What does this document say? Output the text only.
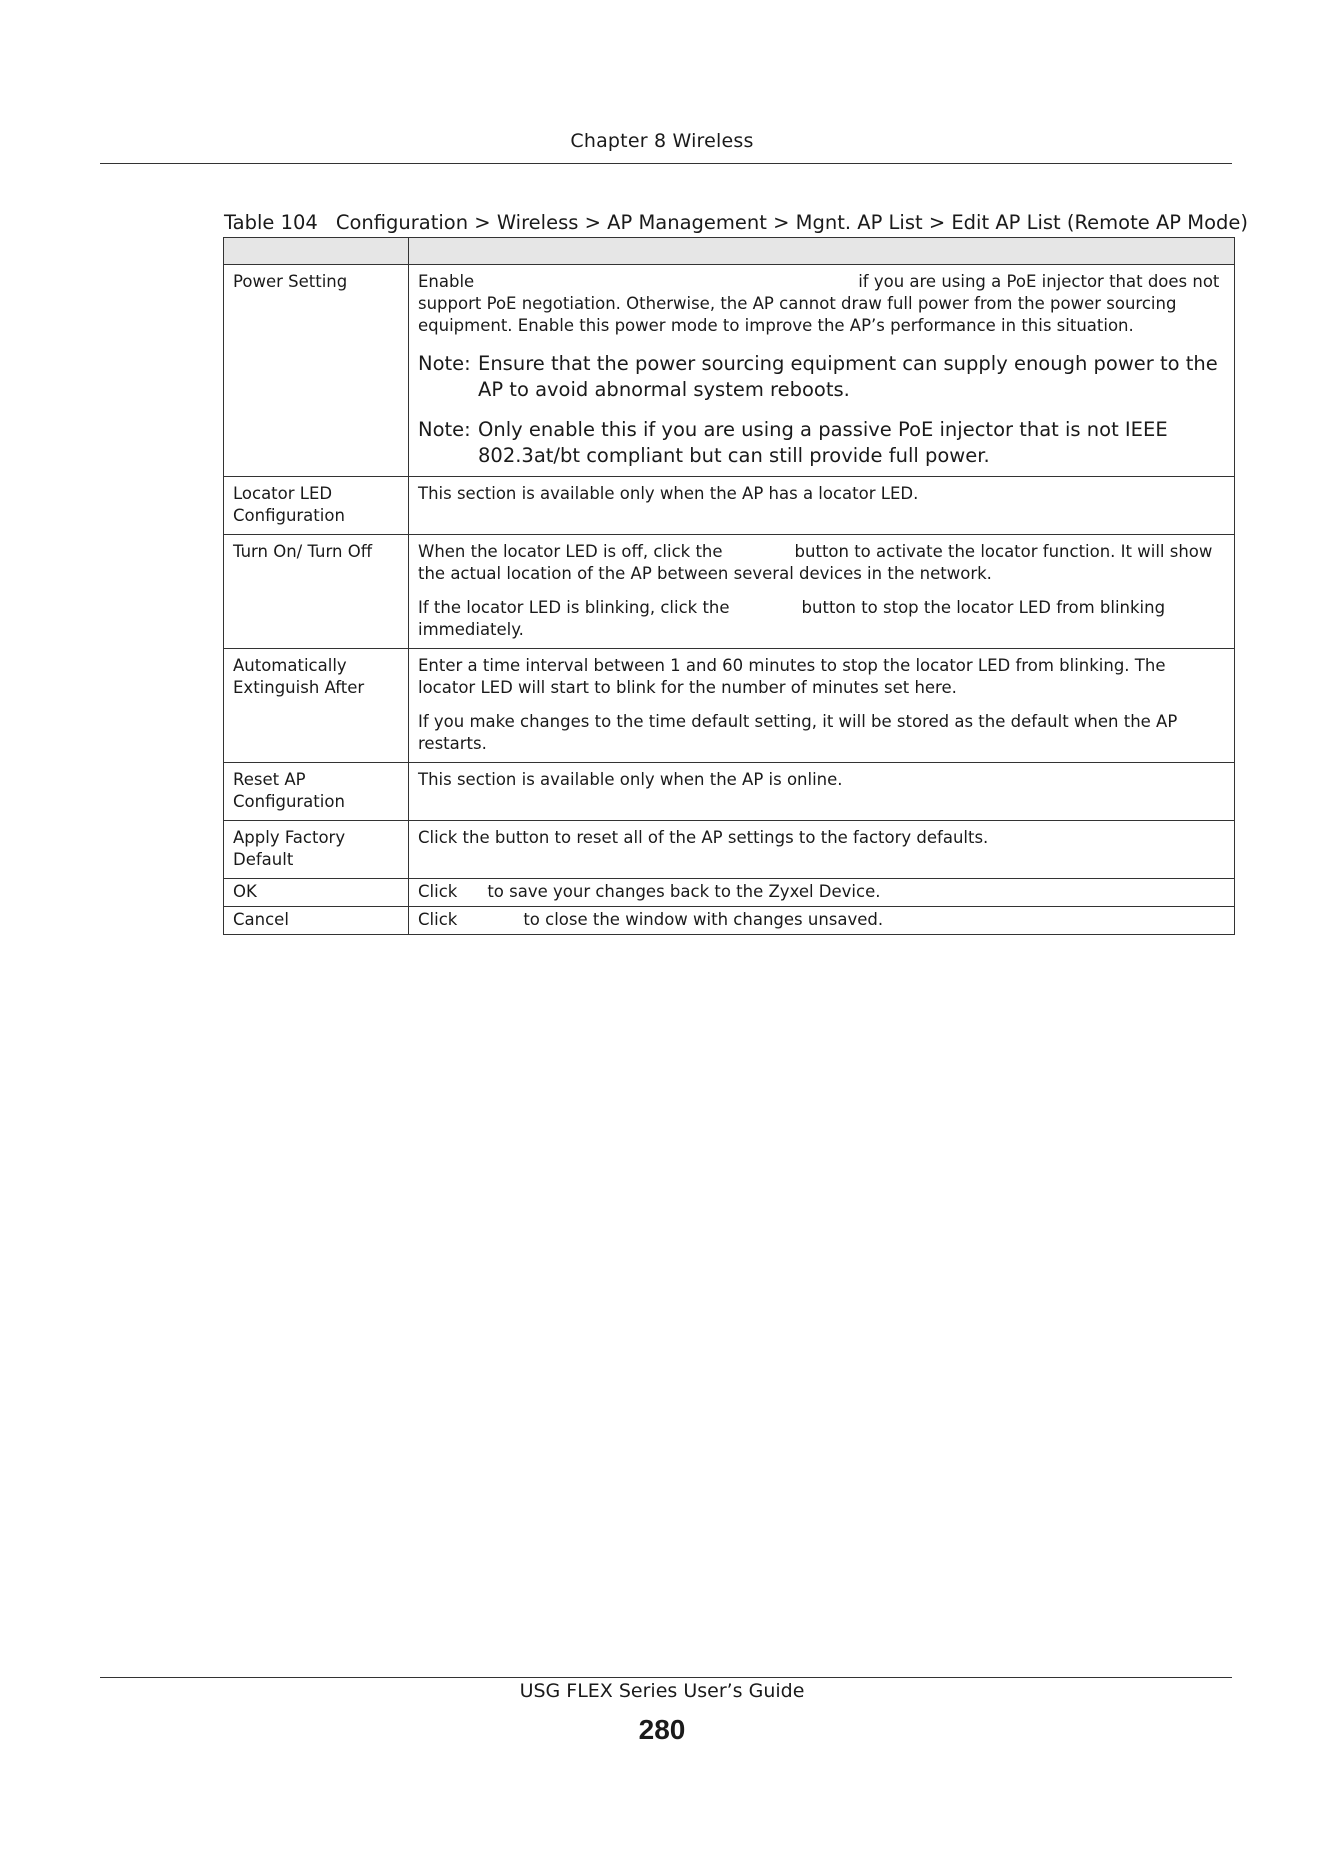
Chapter 8 Wireless
Table 104 Configuration > Wireless > AP Management > Mgnt. AP List > Edit AP List (Remote AP Mode)

Power Setting	Enable if you are using a PoE injector that does not support PoE negotiation. Otherwise, the AP cannot draw full power from the power sourcing equipment. Enable this power mode to improve the AP’s performance in this situation.

Note: Ensure that the power sourcing equipment can supply enough power to the AP to avoid abnormal system reboots.
Note: Only enable this if you are using a passive PoE injector that is not IEEE 802.3at/bt compliant but can still provide full power.

Locator LED Configuration	This section is available only when the AP has a locator LED.
Turn On/ Turn Off	When the locator LED is off, click the button to activate the locator function. It will show the actual location of the AP between several devices in the network.

If the locator LED is blinking, click the button to stop the locator LED from blinking immediately.

Automatically Extinguish After	Enter a time interval between 1 and 60 minutes to stop the locator LED from blinking. The locator LED will start to blink for the number of minutes set here.

If you make changes to the time default setting, it will be stored as the default when the AP restarts.

Reset AP Configuration	This section is available only when the AP is online.
Apply Factory Default	Click the button to reset all of the AP settings to the factory defaults.
OK	Click to save your changes back to the Zyxel Device.
Cancel	Click to close the window with changes unsaved.
USG FLEX Series User’s Guide
280
